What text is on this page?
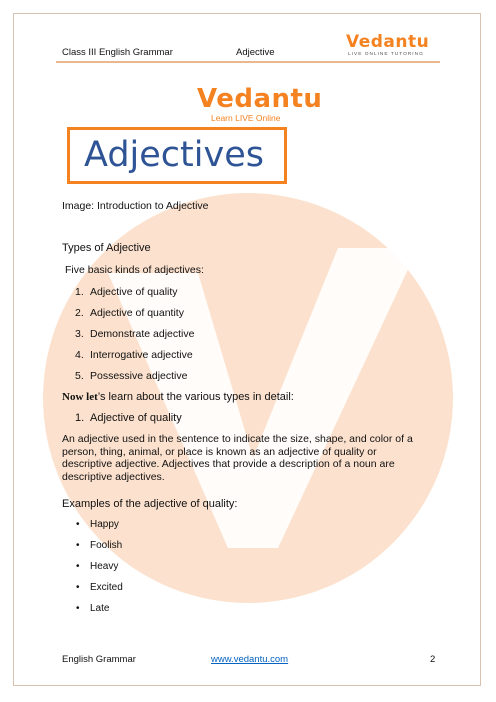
Class III English Grammar	Adjective
Vedantu
LIVE ONLINE TUTORING
Vedantu
Learn LIVE Online
Adjectives
Image: Introduction to Adjective
Types of Adjective
Five basic kinds of adjectives:
1. Adjective of quality
2. Adjective of quantity
3. Demonstrate adjective
4. Interrogative adjective
5. Possessive adjective
Now let’s learn about the various types in detail:
1. Adjective of quality
An adjective used in the sentence to indicate the size, shape, and color of a person, thing, animal, or place is known as an adjective of quality or descriptive adjective. Adjectives that provide a description of a noun are descriptive adjectives.
Examples of the adjective of quality:
• Happy
• Foolish
• Heavy
• Excited
• Late
English Grammar	www.vedantu.com	2
